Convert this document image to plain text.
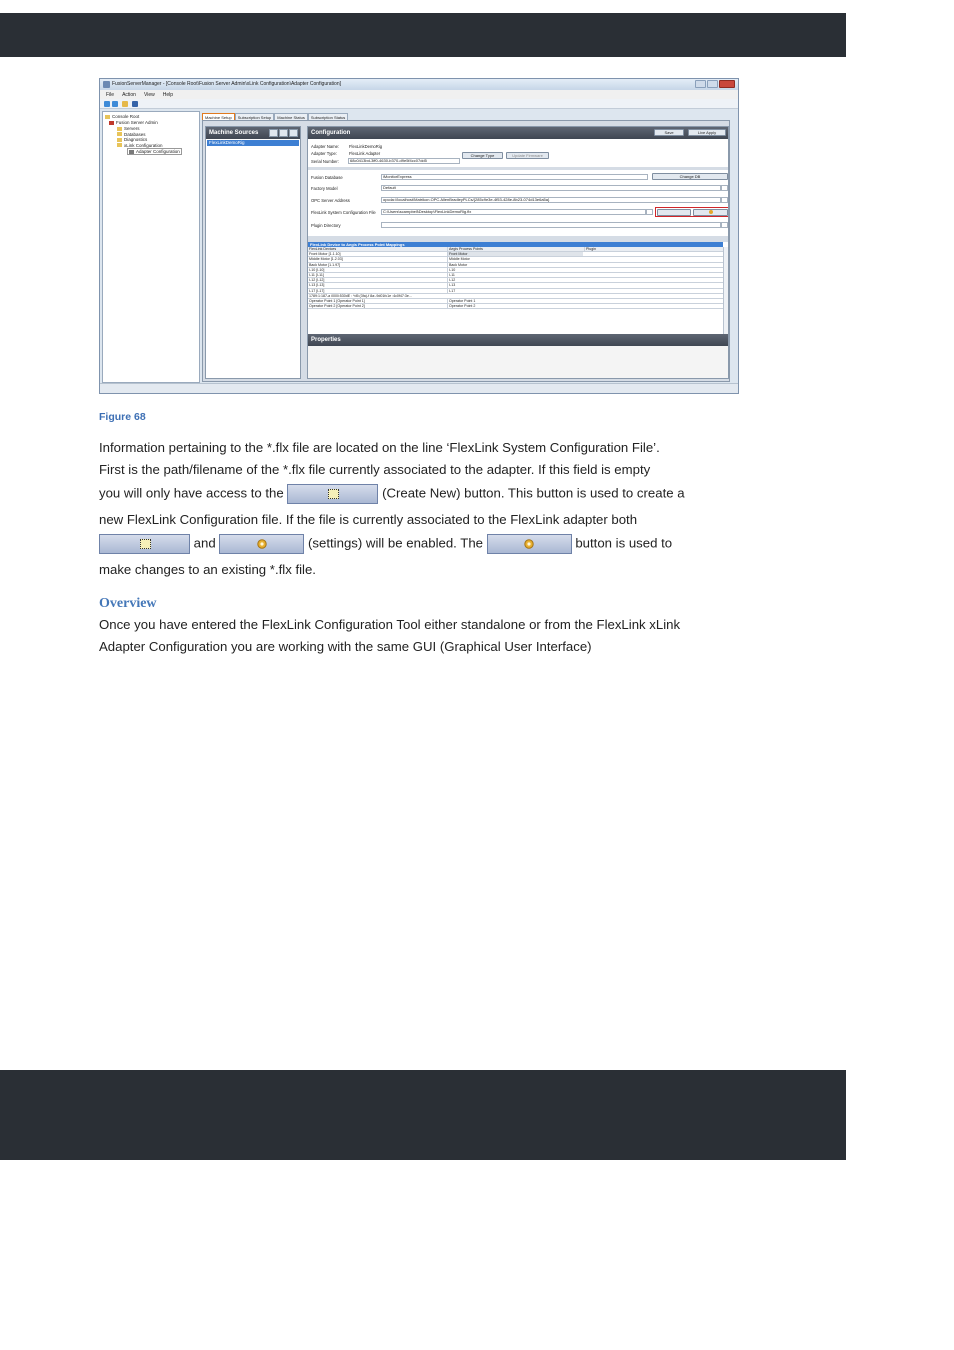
FusionServerManager - [Console Root\Fusion Server Admin\xLink Configuration\Adapter Configuration]
File Action View Help
Console Root
Fusion Server Admin
Servers
Databases
Diagnostics
xLink Configuration
Adapter Configuration
Machine Setup	Subscription Setup	Machine Status	Subscription Status
Machine Sources
FlexLinkDemoRig
Configuration	Save	Live Apply
Adapter Name: FlexLinkDemoRig
Adapter Type:	FlexLink Adapter
Serial Number:	68c0413bd-3ff0-4630-b370-d9e5f4cc07dd5
Change Type	Update Firmware
Fusion Database	iMonitorExpress	Change DB
Factory Model	Default
OPC Server Address	opcda://localhost/Matrikon.OPC.AllenBradleyPLCs/{285c9e3e-4f53-428e-8b23-074d13e6a5a}
FlexLink System Configuration File	C:\Users\scampbell\Desktop\FlexLinkDemoRig.flx
Plugin Directory
FlexLink Device to Aegis Process Point Mappings
FlexLink Devices	Aegis Process Points	Plugin
Front Motor [1.1.10]	Front Motor
Middle Motor [1.2.03]	Middle Motor
Back Motor [1.1.97]	Back Motor
I-10 [I-10]	I-10
I-11 [I-11]	I-11
I-12 [I-12]	I-12
I-13 [I-13]	I-13
I-17 [I-17]	I-17
1789:1:187-a i000i:530dE : *d5:(3fa)-f 8a:-9d01fc1e :4c0f47:3e...
Operator Point 1 [Operator Point 1]	Operator Point 1
Operator Point 2 [Operator Point 2]	Operator Point 2
Properties
Figure 68
Information pertaining to the *.flx file are located on the line ‘FlexLink System Configuration File’.
First is the path/filename of the *.flx file currently associated to the adapter. If this field is empty
you will only have access to the	(Create New) button. This button is used to create a
new FlexLink Configuration file. If the file is currently associated to the FlexLink adapter both
and	(settings) will be enabled. The	button is used to
make changes to an existing *.flx file.
Overview
Once you have entered the FlexLink Configuration Tool either standalone or from the FlexLink xLink
Adapter Configuration you are working with the same GUI (Graphical User Interface)
